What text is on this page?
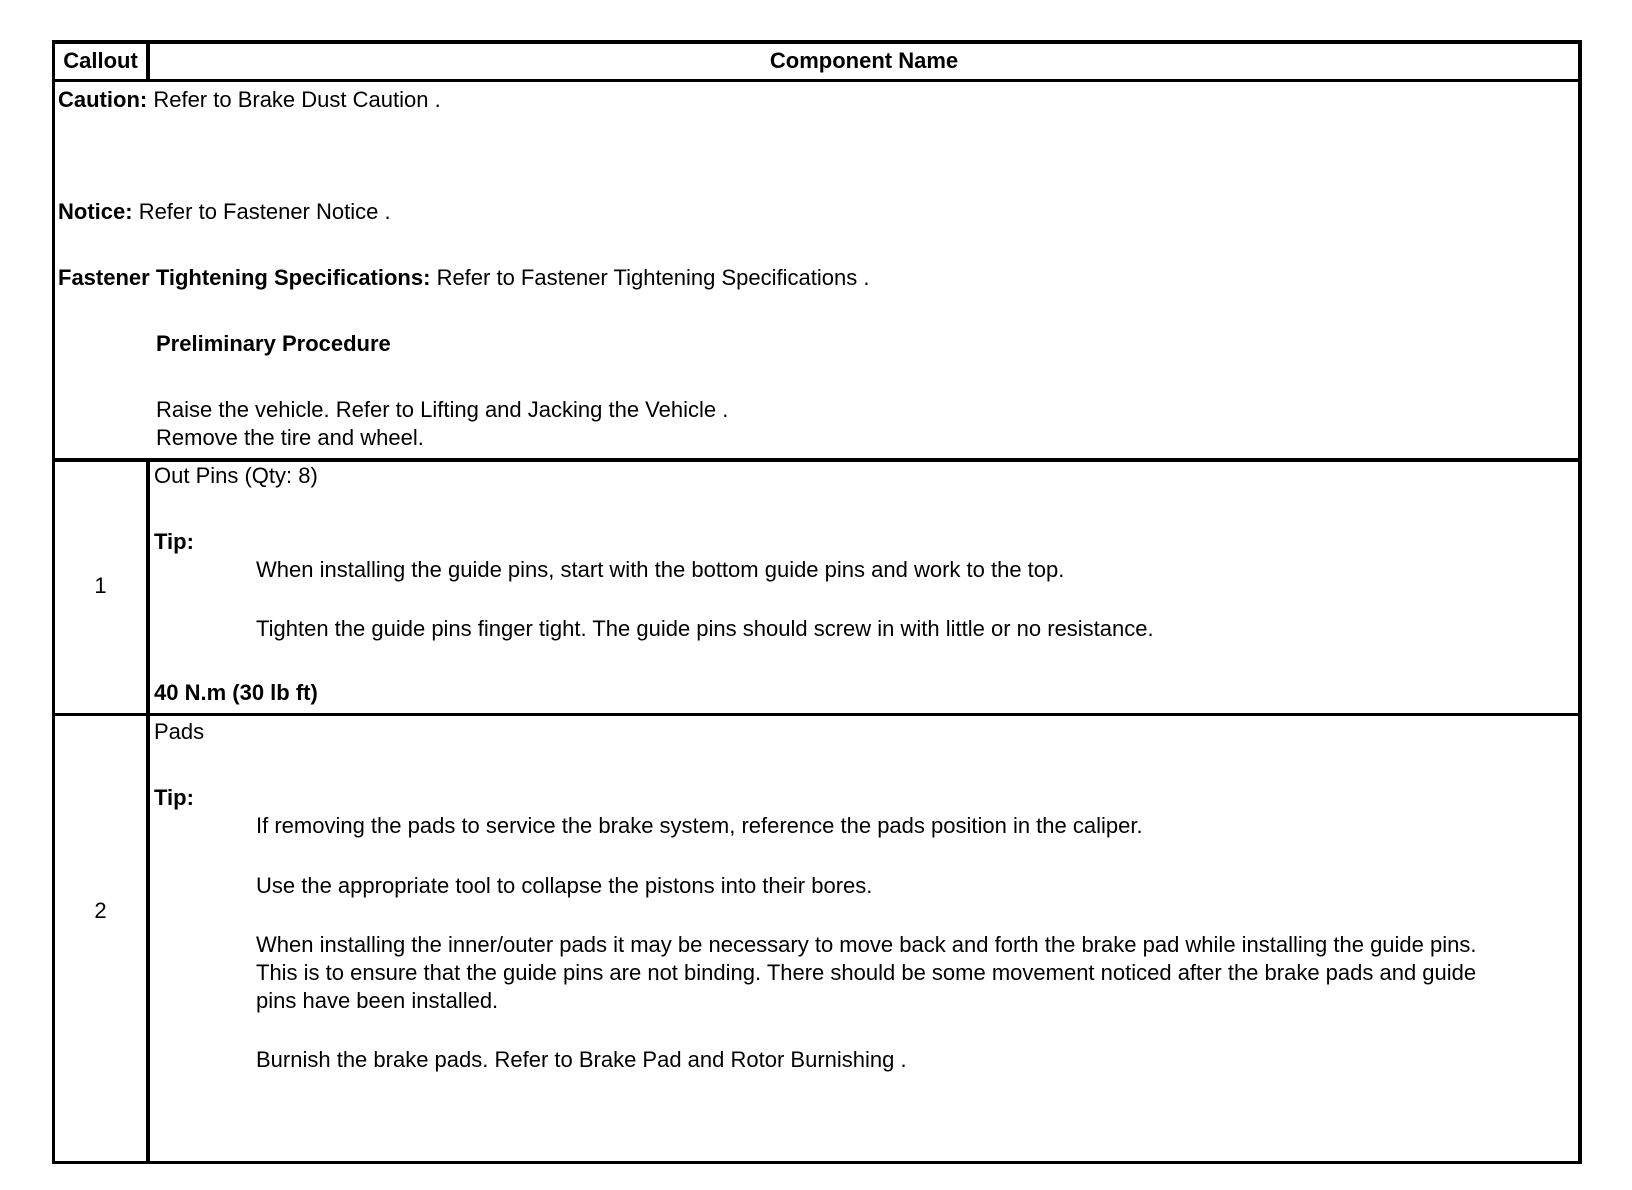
Callout	Component Name
Caution: Refer to Brake Dust Caution .
Notice: Refer to Fastener Notice .
Fastener Tightening Specifications: Refer to Fastener Tightening Specifications .
Preliminary Procedure
Raise the vehicle. Refer to Lifting and Jacking the Vehicle .
Remove the tire and wheel.
1
Out Pins (Qty: 8)
Tip:
When installing the guide pins, start with the bottom guide pins and work to the top.
Tighten the guide pins finger tight. The guide pins should screw in with little or no resistance.
40 N.m (30 lb ft)
2
Pads
Tip:
If removing the pads to service the brake system, reference the pads position in the caliper.
Use the appropriate tool to collapse the pistons into their bores.
When installing the inner/outer pads it may be necessary to move back and forth the brake pad while installing the guide pins. This is to ensure that the guide pins are not binding. There should be some movement noticed after the brake pads and guide pins have been installed.
Burnish the brake pads. Refer to Brake Pad and Rotor Burnishing .
